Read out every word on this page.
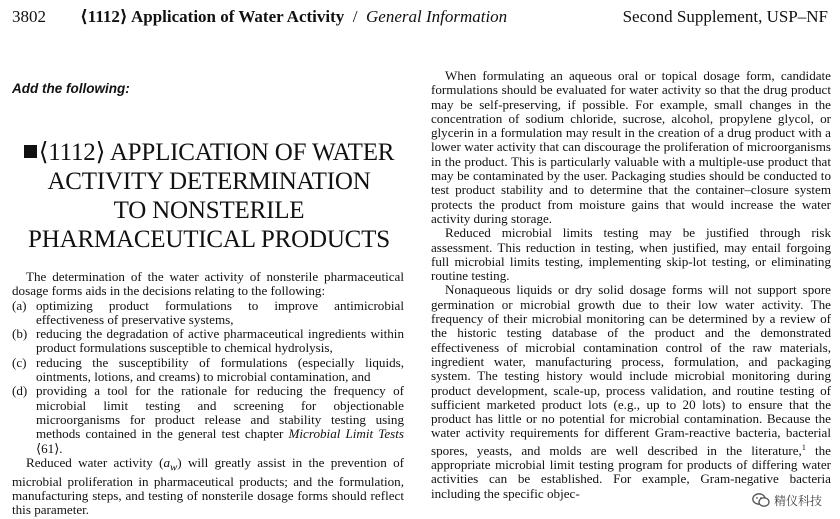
3802 ⟨1112⟩ Application of Water Activity / General Information	Second Supplement, USP–NF
Add the following:
⟨1112⟩ APPLICATION OF WATER
ACTIVITY DETERMINATION
TO NONSTERILE
PHARMACEUTICAL PRODUCTS

The determination of the water activity of nonsterile pharmaceutical dosage forms aids in the decisions relating to the following:

(a) optimizing product formulations to improve antimicrobial effectiveness of preservative systems,

(b) reducing the degradation of active pharmaceutical ingredients within product formulations susceptible to chemical hydrolysis,

(c) reducing the susceptibility of formulations (especially liquids, ointments, lotions, and creams) to microbial contamination, and

(d) providing a tool for the rationale for reducing the frequency of microbial limit testing and screening for objectionable microorganisms for product release and stability testing using methods contained in the general test chapter Microbial Limit Tests ⟨61⟩.

Reduced water activity $(a_w)$ will greatly assist in the prevention of microbial proliferation in pharmaceutical products; and the formulation, manufacturing steps, and testing of nonsterile dosage forms should reflect this parameter.

When formulating an aqueous oral or topical dosage form, candidate formulations should be evaluated for water activity so that the drug product may be self-preserving, if possible. For example, small changes in the concentration of sodium chloride, sucrose, alcohol, propylene glycol, or glycerin in a formulation may result in the creation of a drug product with a lower water activity that can discourage the proliferation of microorganisms in the product. This is particularly valuable with a multiple-use product that may be contaminated by the user. Packaging studies should be conducted to test product stability and to determine that the container–closure system protects the product from moisture gains that would increase the water activity during storage.

Reduced microbial limits testing may be justified through risk assessment. This reduction in testing, when justified, may entail forgoing full microbial limits testing, implementing skip-lot testing, or eliminating routine testing.

Nonaqueous liquids or dry solid dosage forms will not support spore germination or microbial growth due to their low water activity. The frequency of their microbial monitoring can be determined by a review of the historic testing database of the product and the demonstrated effectiveness of microbial contamination control of the raw materials, ingredient water, manufacturing process, formulation, and packaging system. The testing history would include microbial monitoring during product development, scale-up, process validation, and routine testing of sufficient marketed product lots (e.g., up to 20 lots) to ensure that the product has little or no potential for microbial contamination. Because the water activity requirements for different Gram-reactive bacteria, bacterial spores, yeasts, and molds are well described in the literature,$^1$ the appropriate microbial limit testing program for products of differing water activities can be established. For example, Gram-negative bacteria including the specific objec-	精仪科技
